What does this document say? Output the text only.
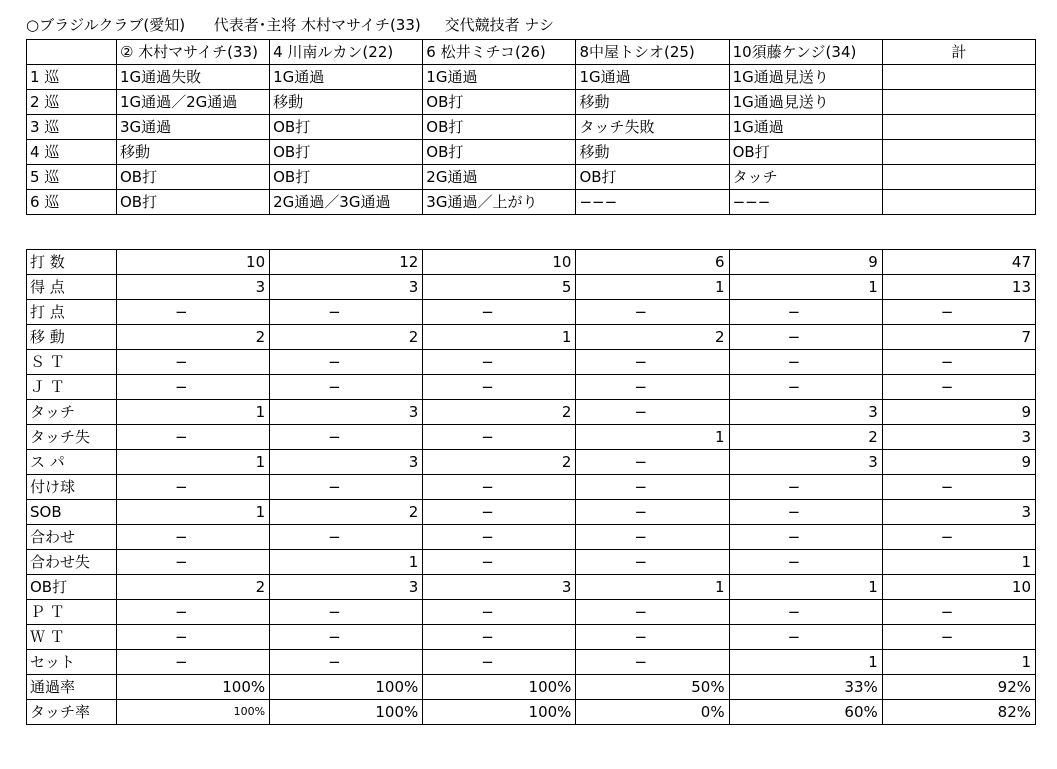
○ブラジルクラブ(愛知) 代表者･主将 木村マサイチ(33) 交代競技者 ナシ
	② 木村マサイチ(33)	4 川南ルカン(22)	6 松井ミチコ(26)	8中屋トシオ(25)	10須藤ケンジ(34)	計
1 巡	1G通過失敗	1G通過	1G通過	1G通過	1G通過見送り	
2 巡	1G通過／2G通過	移動	OB打	移動	1G通過見送り	
3 巡	3G通過	OB打	OB打	タッチ失敗	1G通過	
4 巡	移動	OB打	OB打	移動	OB打	
5 巡	OB打	OB打	2G通過	OB打	タッチ	
6 巡	OB打	2G通過／3G通過	3G通過／上がり	−−−	−−−	
打 数	10	12	10	6	9	47
得 点	3	3	5	1	1	13
打 点	−	−	−	−	−	−
移 動	2	2	1	2	−	7
Ｓ Ｔ	−	−	−	−	−	−
Ｊ Ｔ	−	−	−	−	−	−
タッチ	1	3	2	−	3	9
タッチ失	−	−	−	1	2	3
ス パ	1	3	2	−	3	9
付け球	−	−	−	−	−	−
SOB	1	2	−	−	−	3
合わせ	−	−	−	−	−	−
合わせ失	−	1	−	−	−	1
OB打	2	3	3	1	1	10
Ｐ Ｔ	−	−	−	−	−	−
Ｗ Ｔ	−	−	−	−	−	−
セット	−	−	−	−	1	1
通過率	100%	100%	100%	50%	33%	92%
タッチ率	100%	100%	100%	0%	60%	82%
